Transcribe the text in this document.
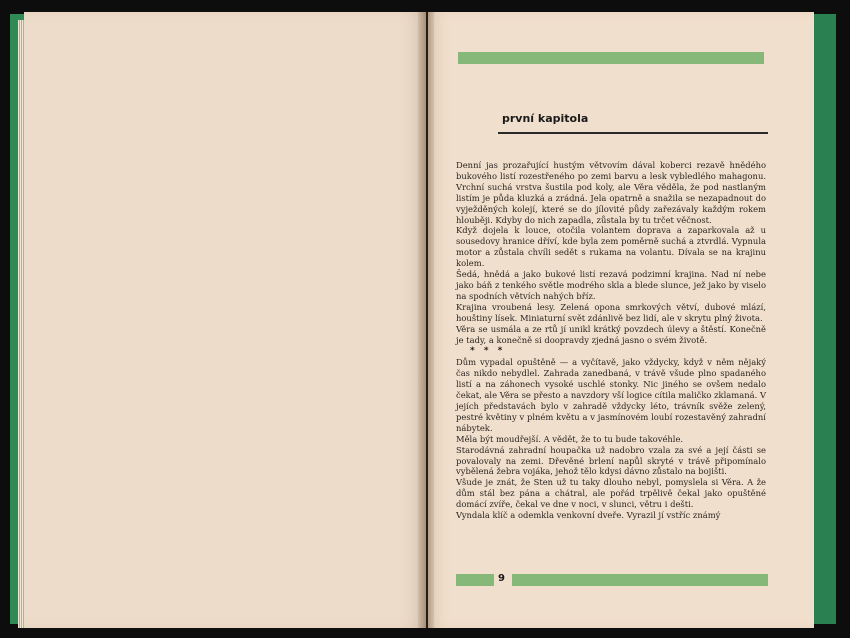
první kapitola

Denní jas prozařující hustým větvovím dával koberci rezavě hnědého bukového listí rozestřeného po zemi barvu a lesk vybledlého mahagonu. Vrchní suchá vrstva šustila pod koly, ale Věra věděla, že pod nastlaným listím je půda kluzká a zrádná. Jela opatrně a snažila se nezapadnout do vyježděných kolejí, které se do jílovité půdy zařezávaly každým rokem hlouběji. Kdyby do nich zapadla, zůstala by tu trčet věčnost.

Když dojela k louce, otočila volantem doprava a zaparkovala až u sousedovy hranice dříví, kde byla zem poměrně suchá a ztvrdlá. Vypnula motor a zůstala chvíli sedět s rukama na volantu. Dívala se na krajinu kolem.

Šedá, hnědá a jako bukové listí rezavá podzimní krajina. Nad ní nebe jako báň z tenkého světle modrého skla a blede slunce, jež jako by viselo na spodních větvích nahých bříz.

Krajina vroubená lesy. Zelená opona smrkových větví, dubové mlází, houštiny lísek. Miniaturní svět zdánlivě bez lidí, ale v skrytu plný života.

Věra se usmála a ze rtů jí unikl krátký povzdech úlevy a štěstí. Konečně je tady, a konečně si doopravdy zjedná jasno o svém životě.

* * *

Dům vypadal opuštěně — a vyčítavě, jako vždycky, když v něm nějaký čas nikdo nebydlel. Zahrada zanedbaná, v trávě všude plno spadaného listí a na záhonech vysoké uschlé stonky. Nic jiného se ovšem nedalo čekat, ale Věra se přesto a navzdory vší logice cítila maličko zklamaná. V jejích představách bylo v zahradě vždycky léto, trávník svěže zelený, pestré květiny v plném květu a v jasmínovém loubí rozestavěný zahradní nábytek.

Měla být moudřejší. A vědět, že to tu bude takovéhle.

Starodávná zahradní houpačka už nadobro vzala za své a její části se povalovaly na zemi. Dřevěné brlení napůl skryté v trávě připomínalo vybělená žebra vojáka, jehož tělo kdysi dávno zůstalo na bojišti.

Všude je znát, že Sten už tu taky dlouho nebyl, pomyslela si Věra. A že dům stál bez pána a chátral, ale pořád trpělivě čekal jako opuštěné domácí zvíře, čekal ve dne v noci, v slunci, větru i dešti.

Vyndala klíč a odemkla venkovní dveře. Vyrazil jí vstříc známý

9
